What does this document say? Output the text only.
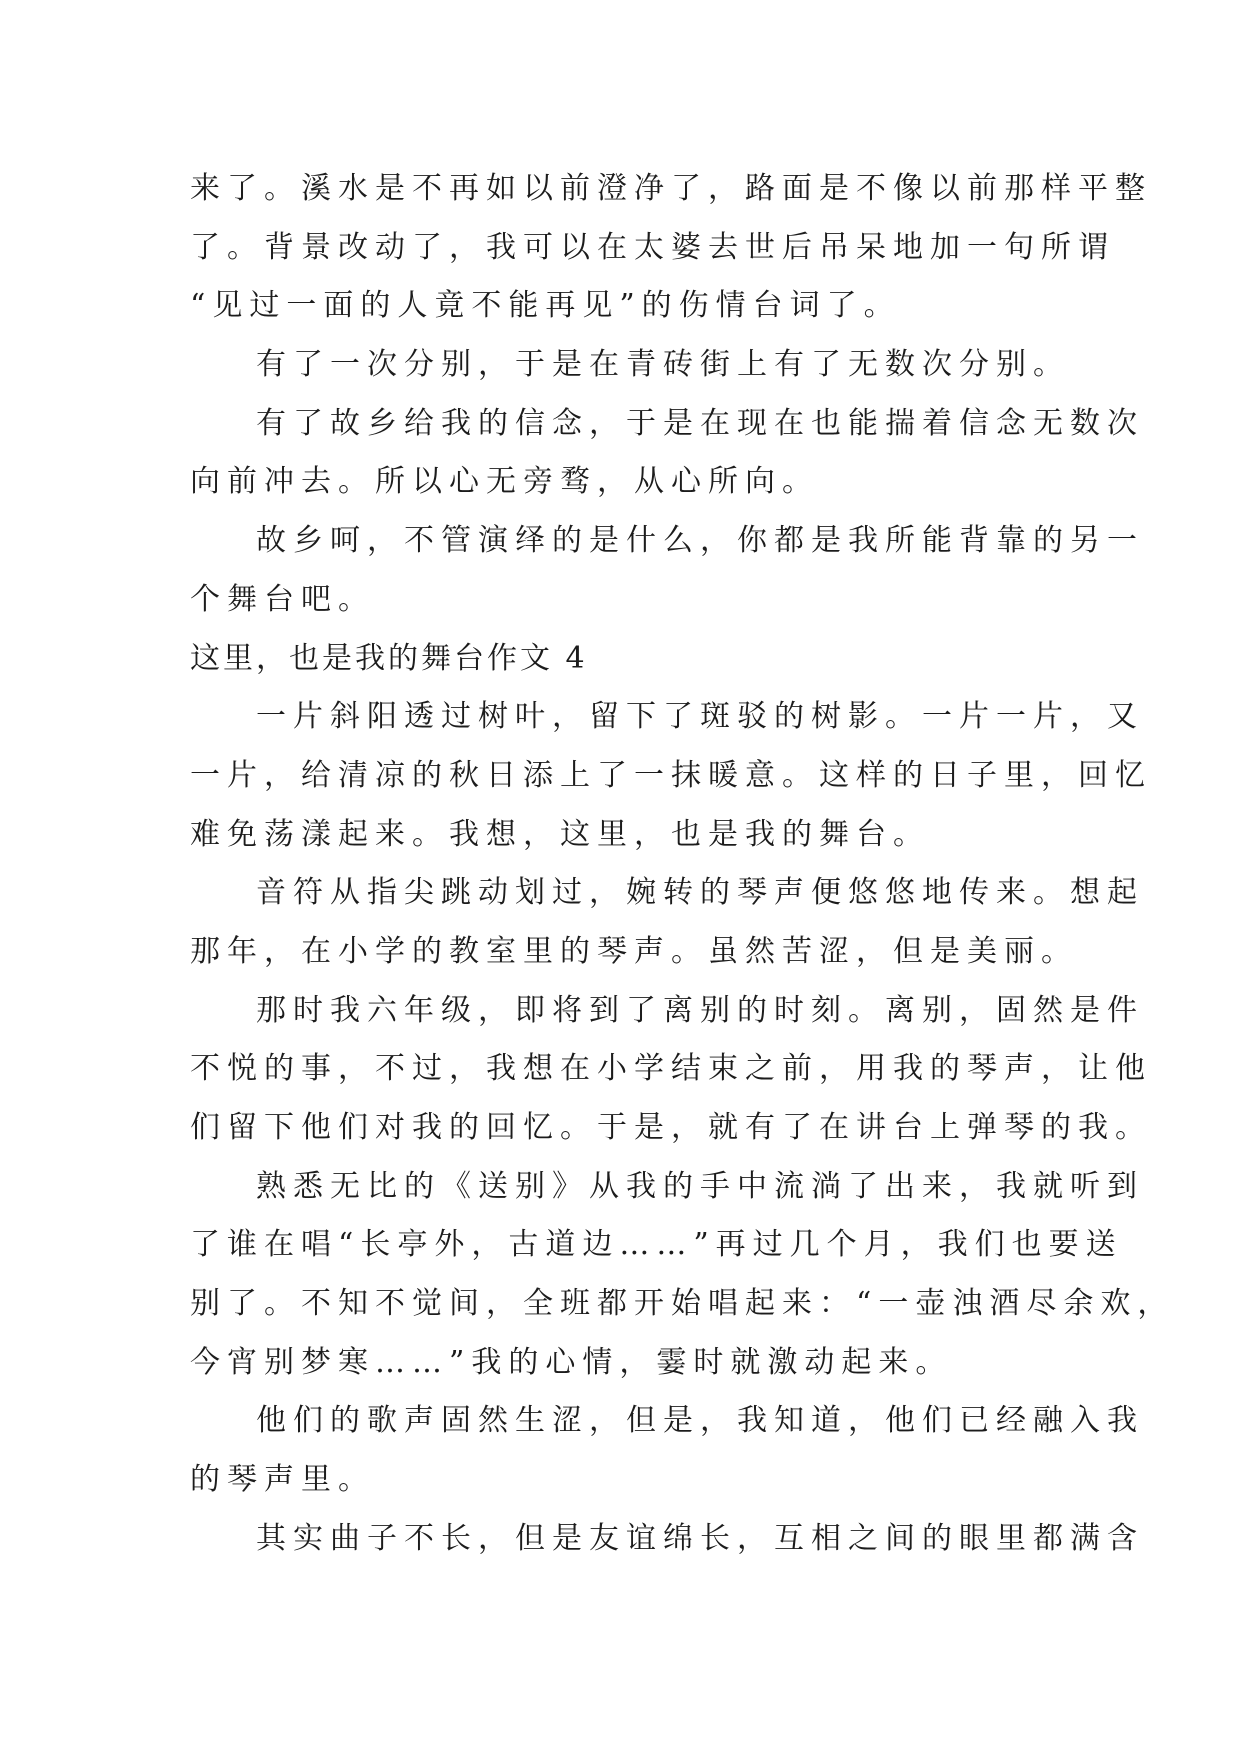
来了。溪水是不再如以前澄净了，路面是不像以前那样平整
了。背景改动了，我可以在太婆去世后吊呆地加一句所谓
“见过一面的人竟不能再见”的伤情台词了。
有了一次分别，于是在青砖街上有了无数次分别。
有了故乡给我的信念，于是在现在也能揣着信念无数次
向前冲去。所以心无旁骛，从心所向。
故乡呵，不管演绎的是什么，你都是我所能背靠的另一
个舞台吧。
这里，也是我的舞台作文 4
一片斜阳透过树叶，留下了斑驳的树影。一片一片，又
一片，给清凉的秋日添上了一抹暖意。这样的日子里，回忆
难免荡漾起来。我想，这里，也是我的舞台。
音符从指尖跳动划过，婉转的琴声便悠悠地传来。想起
那年，在小学的教室里的琴声。虽然苦涩，但是美丽。
那时我六年级，即将到了离别的时刻。离别，固然是件
不悦的事，不过，我想在小学结束之前，用我的琴声，让他
们留下他们对我的回忆。于是，就有了在讲台上弹琴的我。
熟悉无比的《送别》从我的手中流淌了出来，我就听到
了谁在唱“长亭外，古道边……”再过几个月，我们也要送
别了。不知不觉间，全班都开始唱起来：“一壶浊酒尽余欢，
今宵别梦寒……”我的心情，霎时就激动起来。
他们的歌声固然生涩，但是，我知道，他们已经融入我
的琴声里。
其实曲子不长，但是友谊绵长，互相之间的眼里都满含
